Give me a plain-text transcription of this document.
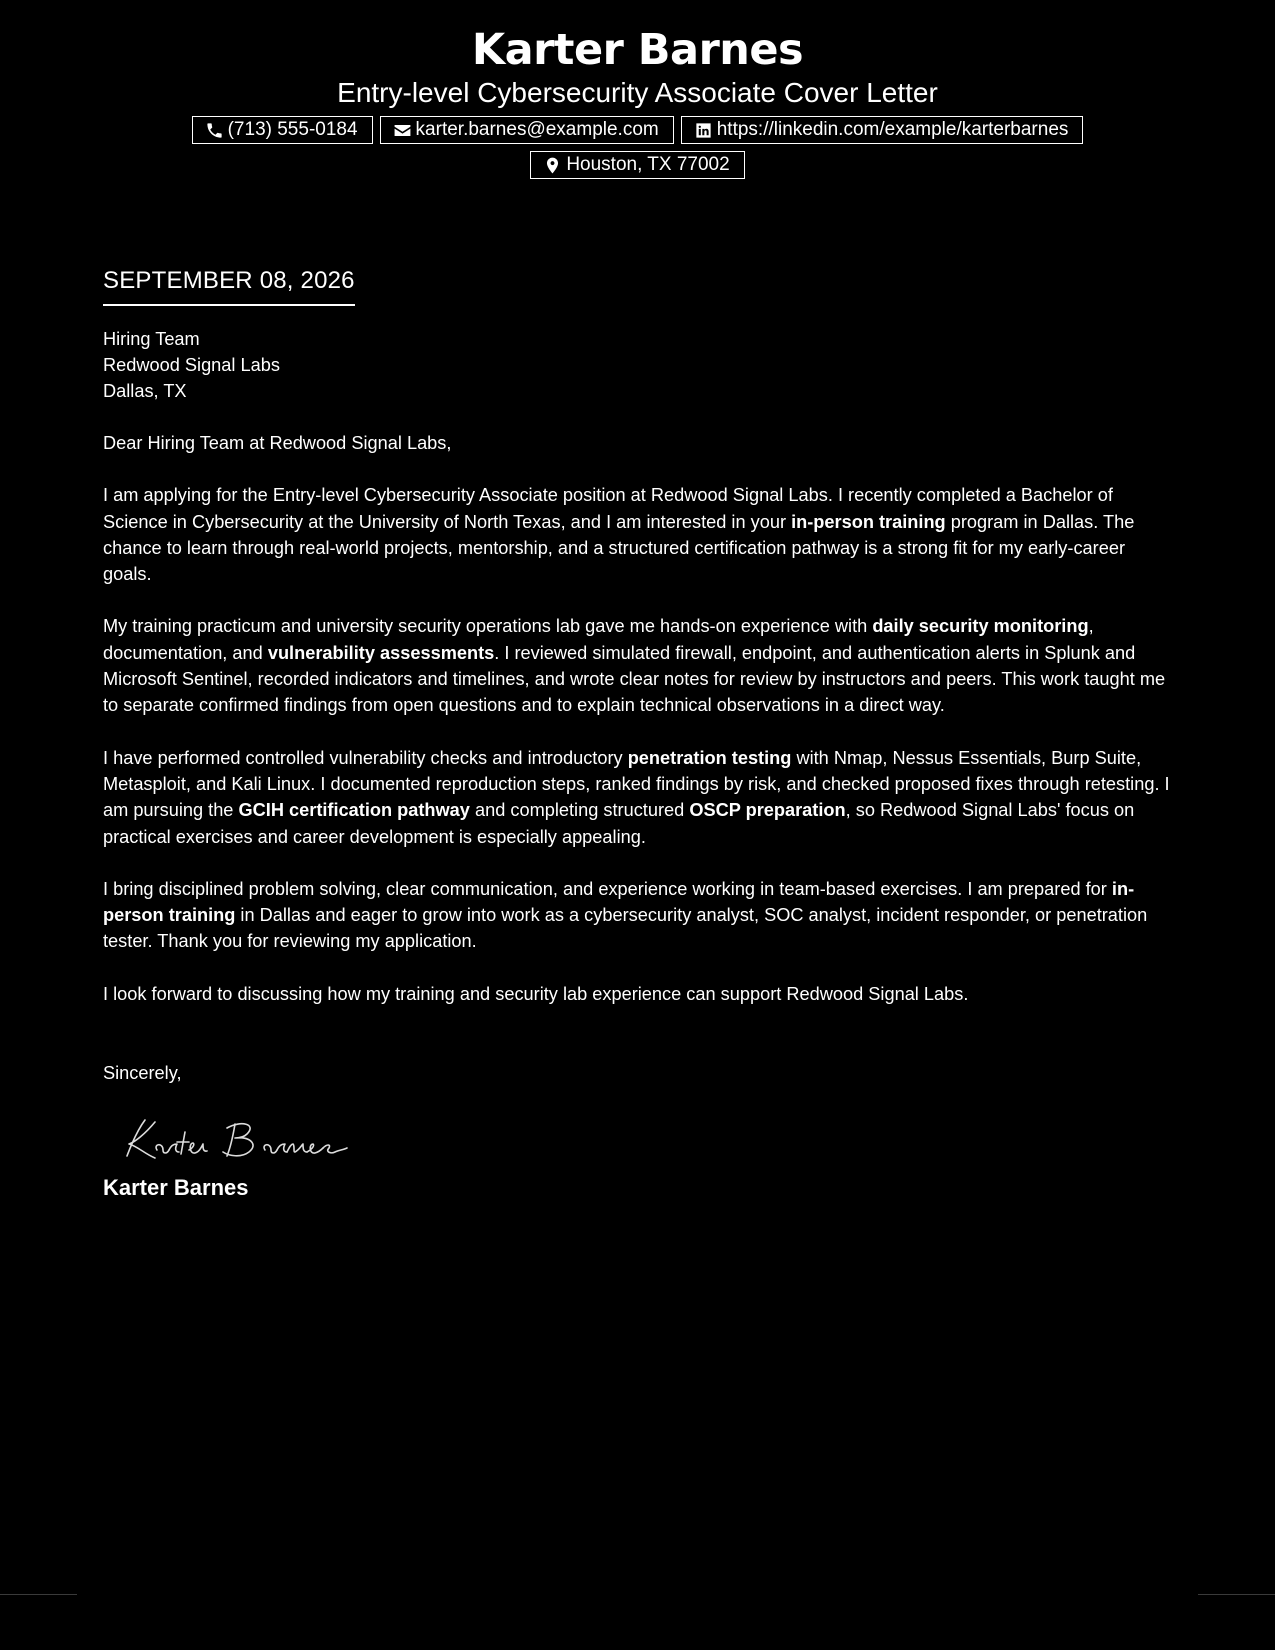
Karter Barnes
Entry-level Cybersecurity Associate Cover Letter
(713) 555-0184	karter.barnes@example.com	https://linkedin.com/example/karterbarnes
Houston, TX 77002
SEPTEMBER 08, 2026
Hiring Team
Redwood Signal Labs
Dallas, TX
Dear Hiring Team at Redwood Signal Labs,

I am applying for the Entry-level Cybersecurity Associate position at Redwood Signal Labs. I recently completed a Bachelor of Science in Cybersecurity at the University of North Texas, and I am interested in your in-person training program in Dallas. The chance to learn through real-world projects, mentorship, and a structured certification pathway is a strong fit for my early-career goals.

My training practicum and university security operations lab gave me hands-on experience with daily security monitoring, documentation, and vulnerability assessments. I reviewed simulated firewall, endpoint, and authentication alerts in Splunk and Microsoft Sentinel, recorded indicators and timelines, and wrote clear notes for review by instructors and peers. This work taught me to separate confirmed findings from open questions and to explain technical observations in a direct way.

I have performed controlled vulnerability checks and introductory penetration testing with Nmap, Nessus Essentials, Burp Suite, Metasploit, and Kali Linux. I documented reproduction steps, ranked findings by risk, and checked proposed fixes through retesting. I am pursuing the GCIH certification pathway and completing structured OSCP preparation, so Redwood Signal Labs' focus on practical exercises and career development is especially appealing.

I bring disciplined problem solving, clear communication, and experience working in team-based exercises. I am prepared for in-person training in Dallas and eager to grow into work as a cybersecurity analyst, SOC analyst, incident responder, or penetration tester. Thank you for reviewing my application.

I look forward to discussing how my training and security lab experience can support Redwood Signal Labs.

Sincerely,
Karter Barnes
